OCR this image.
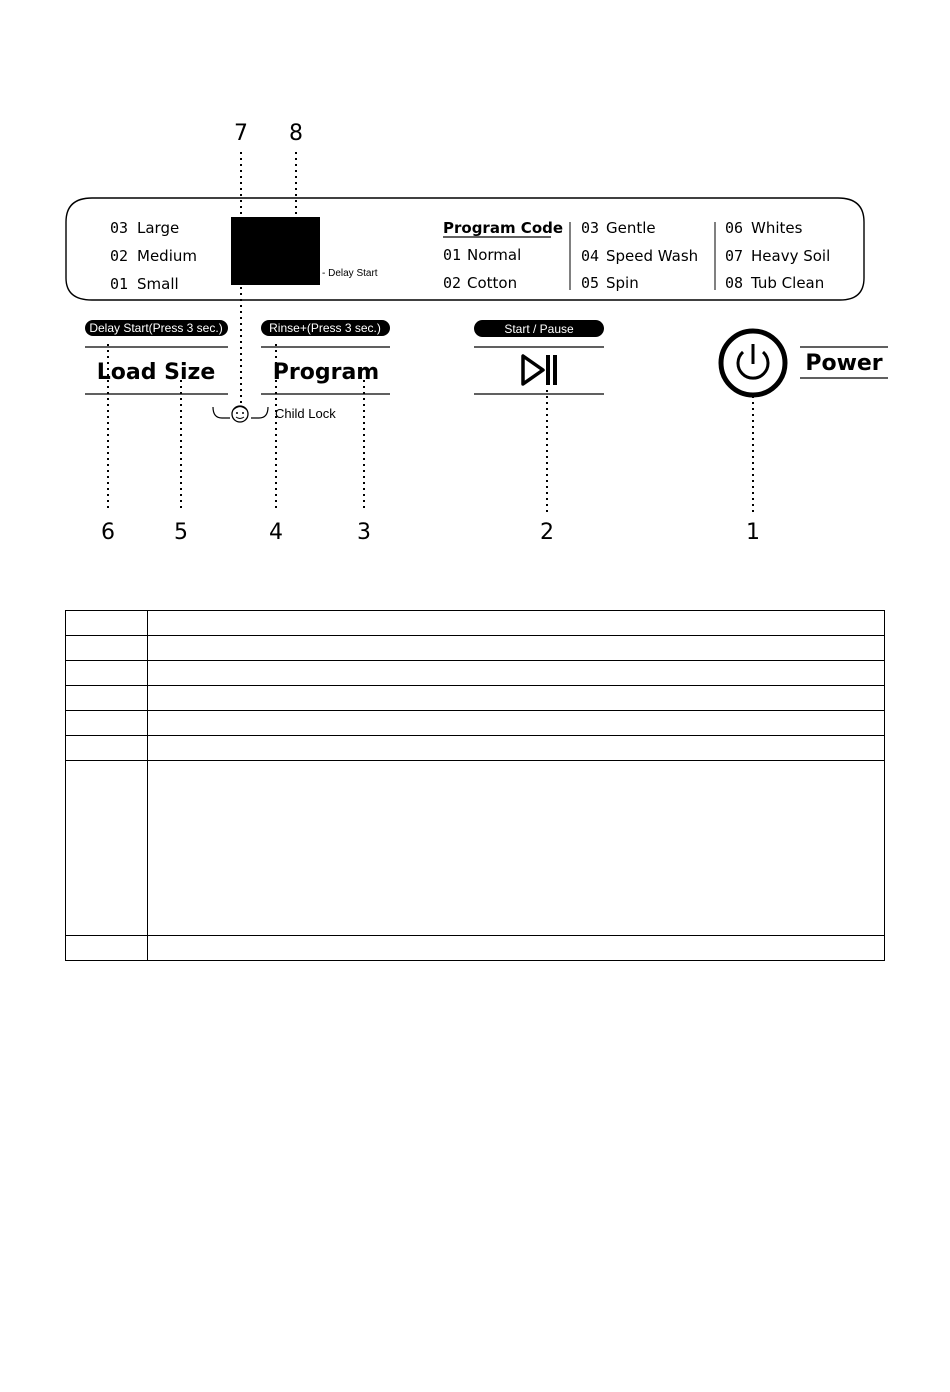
7 8
03 Large
02 Medium
01 Small
- Delay Start
Program Code
01 Normal
02 Cotton
03 Gentle
04 Speed Wash
05 Spin
06 Whites
07 Heavy Soil
08 Tub Clean
Delay Start(Press 3 sec.)
Load Size
Rinse+(Press 3 sec.)
Program
Child Lock
Start / Pause
Power
6	5	4	3	2	1
